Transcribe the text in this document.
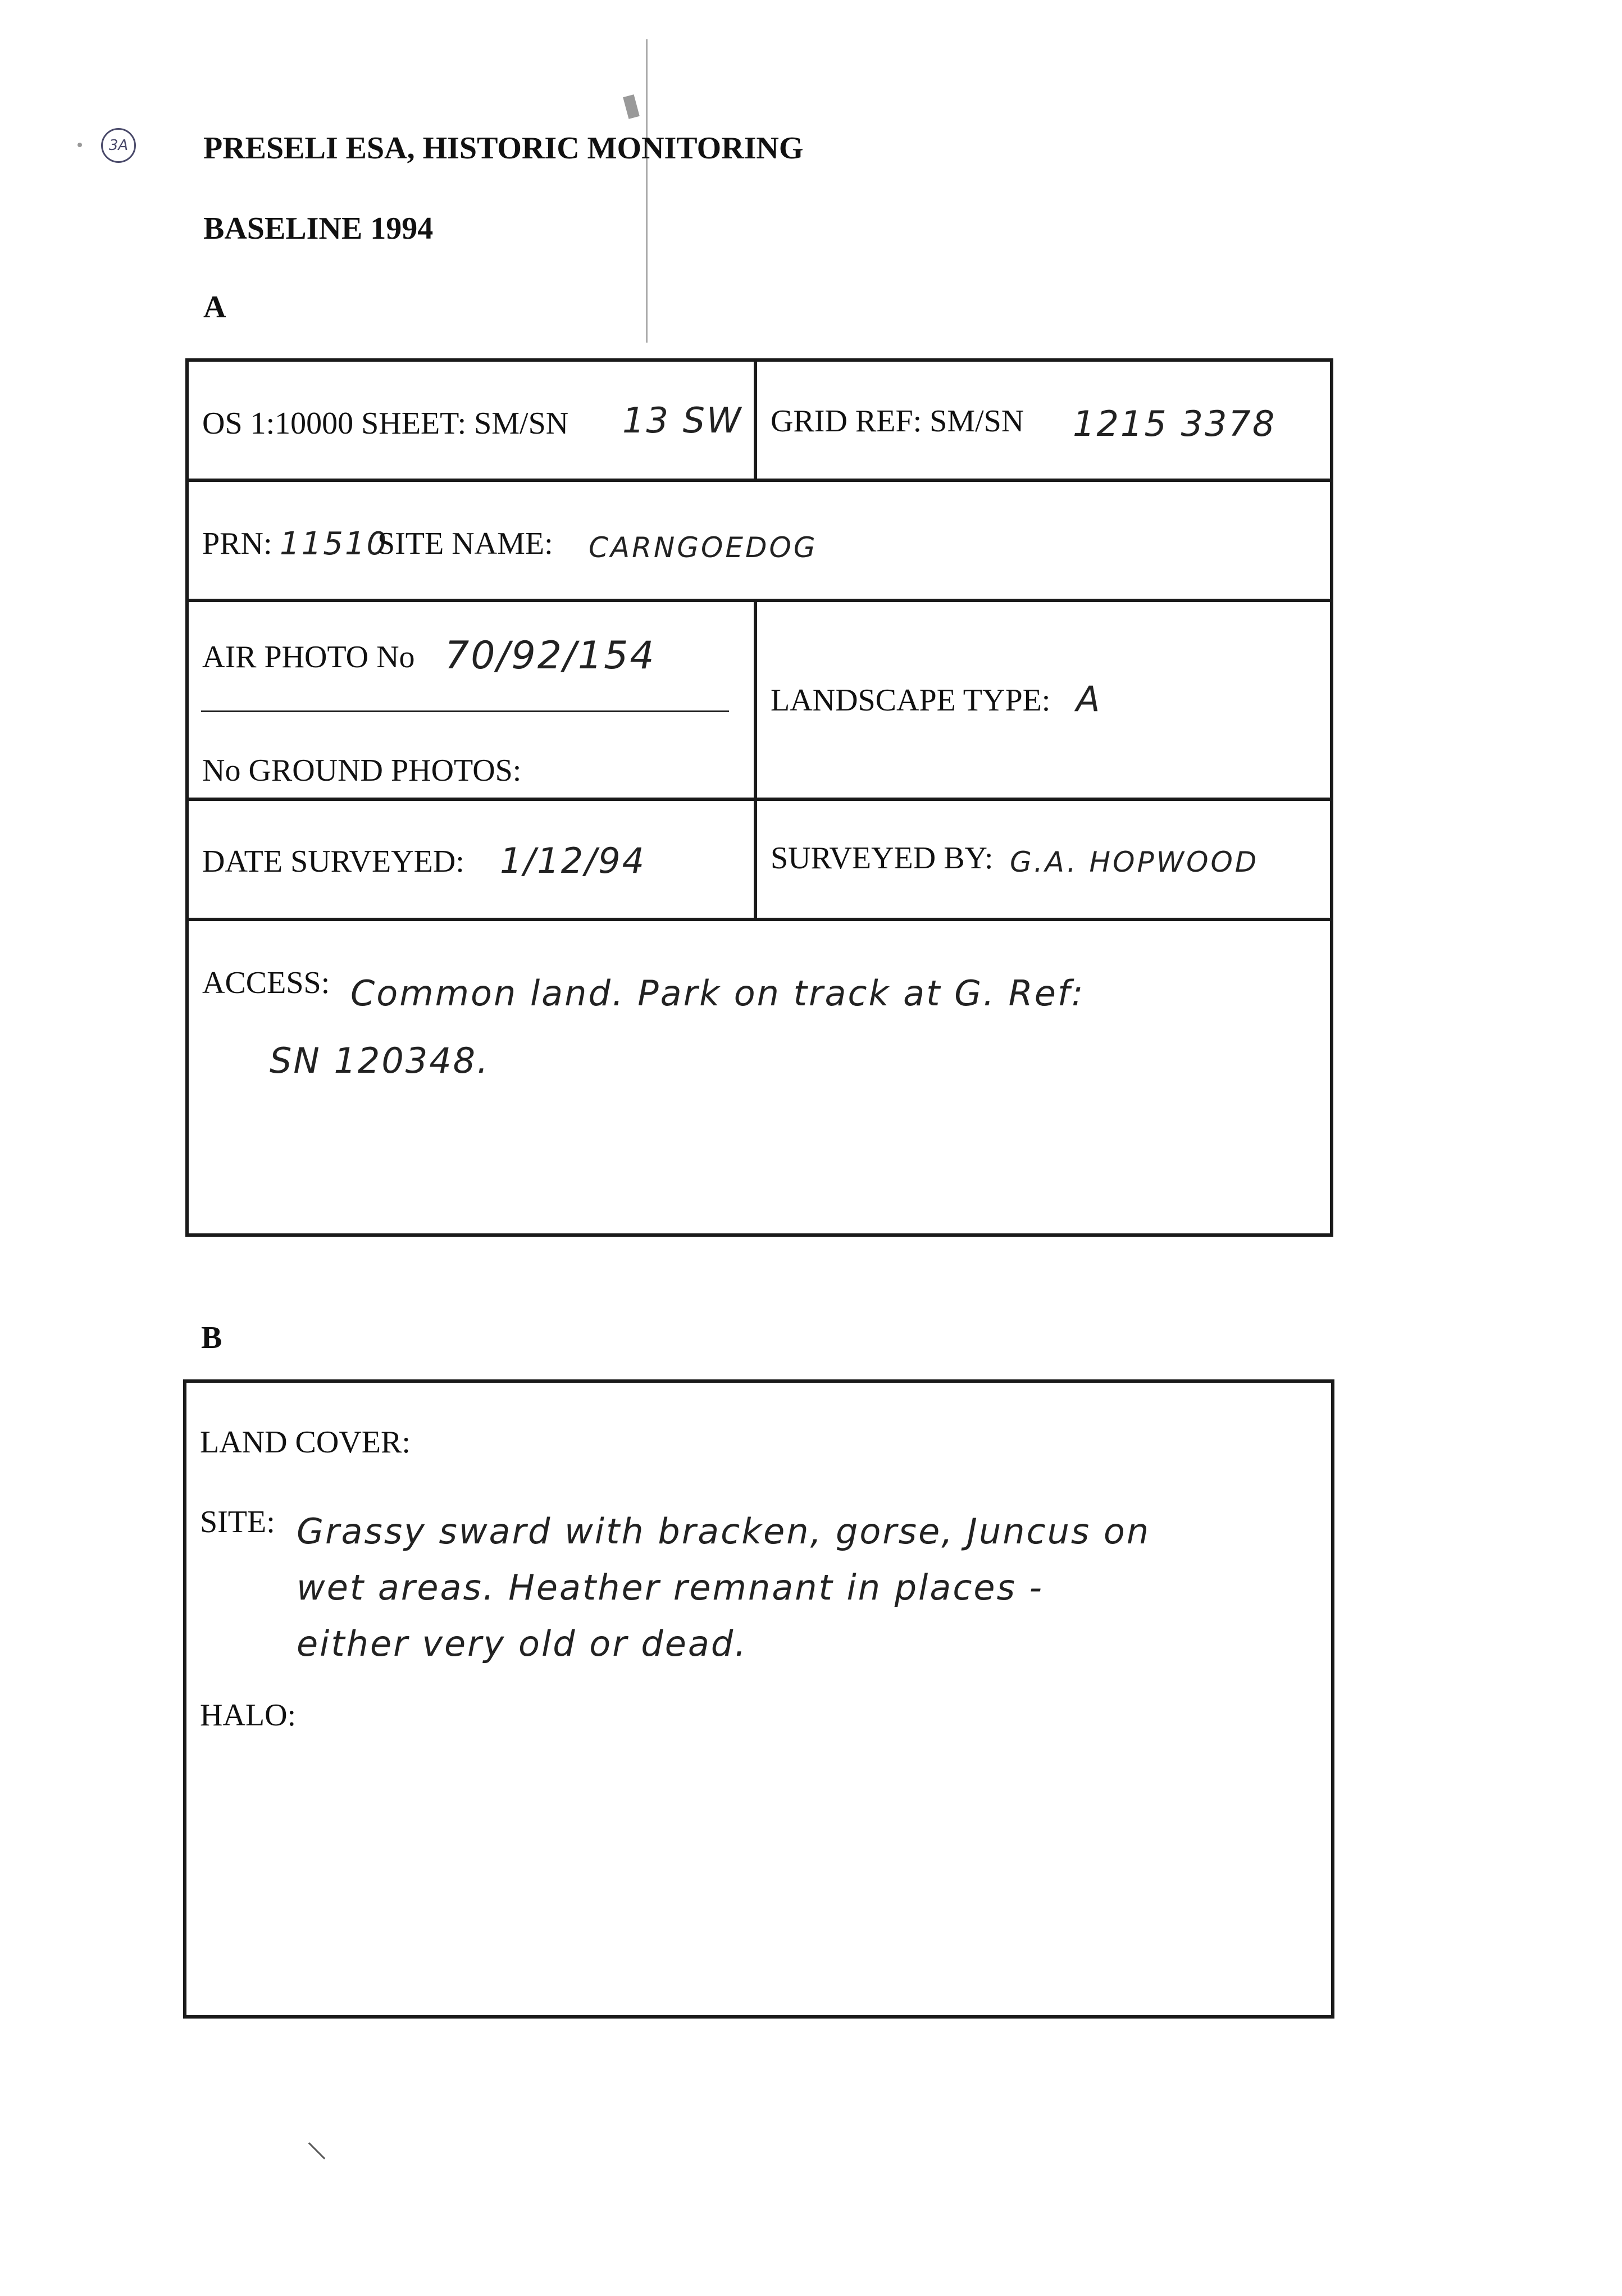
3A PRESELI ESA, HISTORIC MONITORING
BASELINE 1994
A
OS 1:10000 SHEET: SM/SN 13 SW GRID REF: SM/SN 1215 3378
PRN: 11510
SITE NAME: CARNGOEDOG
AIR PHOTO No 70/92/154
No GROUND PHOTOS:
LANDSCAPE TYPE: A
DATE SURVEYED: 1/12/94	SURVEYED BY: G.A. HOPWOOD
ACCESS: Common land. Park on track at G. Ref:
SN 120348.
B
LAND COVER:
SITE: Grassy sward with bracken, gorse, Juncus on
wet areas. Heather remnant in places -
either very old or dead.
HALO:
